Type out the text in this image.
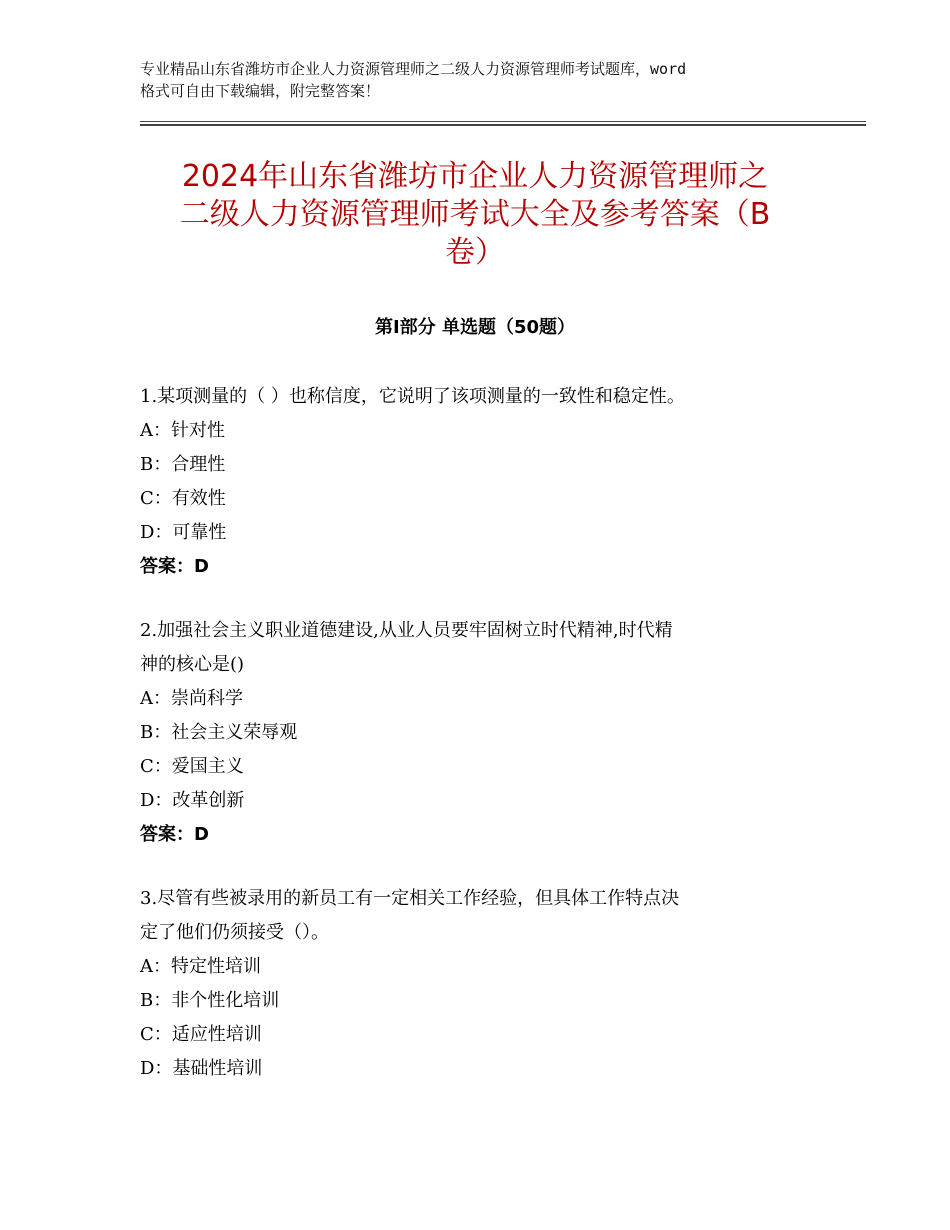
专业精品山东省潍坊市企业人力资源管理师之二级人力资源管理师考试题库，word
格式可自由下载编辑，附完整答案！
2024年山东省潍坊市企业人力资源管理师之
二级人力资源管理师考试大全及参考答案（B
卷）
第Ⅰ部分 单选题（50题）
1.某项测量的（ ）也称信度，它说明了该项测量的一致性和稳定性。
A：针对性
B：合理性
C：有效性
D：可靠性
答案：D
2.加强社会主义职业道德建设,从业人员要牢固树立时代精神,时代精
神的核心是()
A：崇尚科学
B：社会主义荣辱观
C：爱国主义
D：改革创新
答案：D
3.尽管有些被录用的新员工有一定相关工作经验，但具体工作特点决
定了他们仍须接受（）。
A：特定性培训
B：非个性化培训
C：适应性培训
D：基础性培训
